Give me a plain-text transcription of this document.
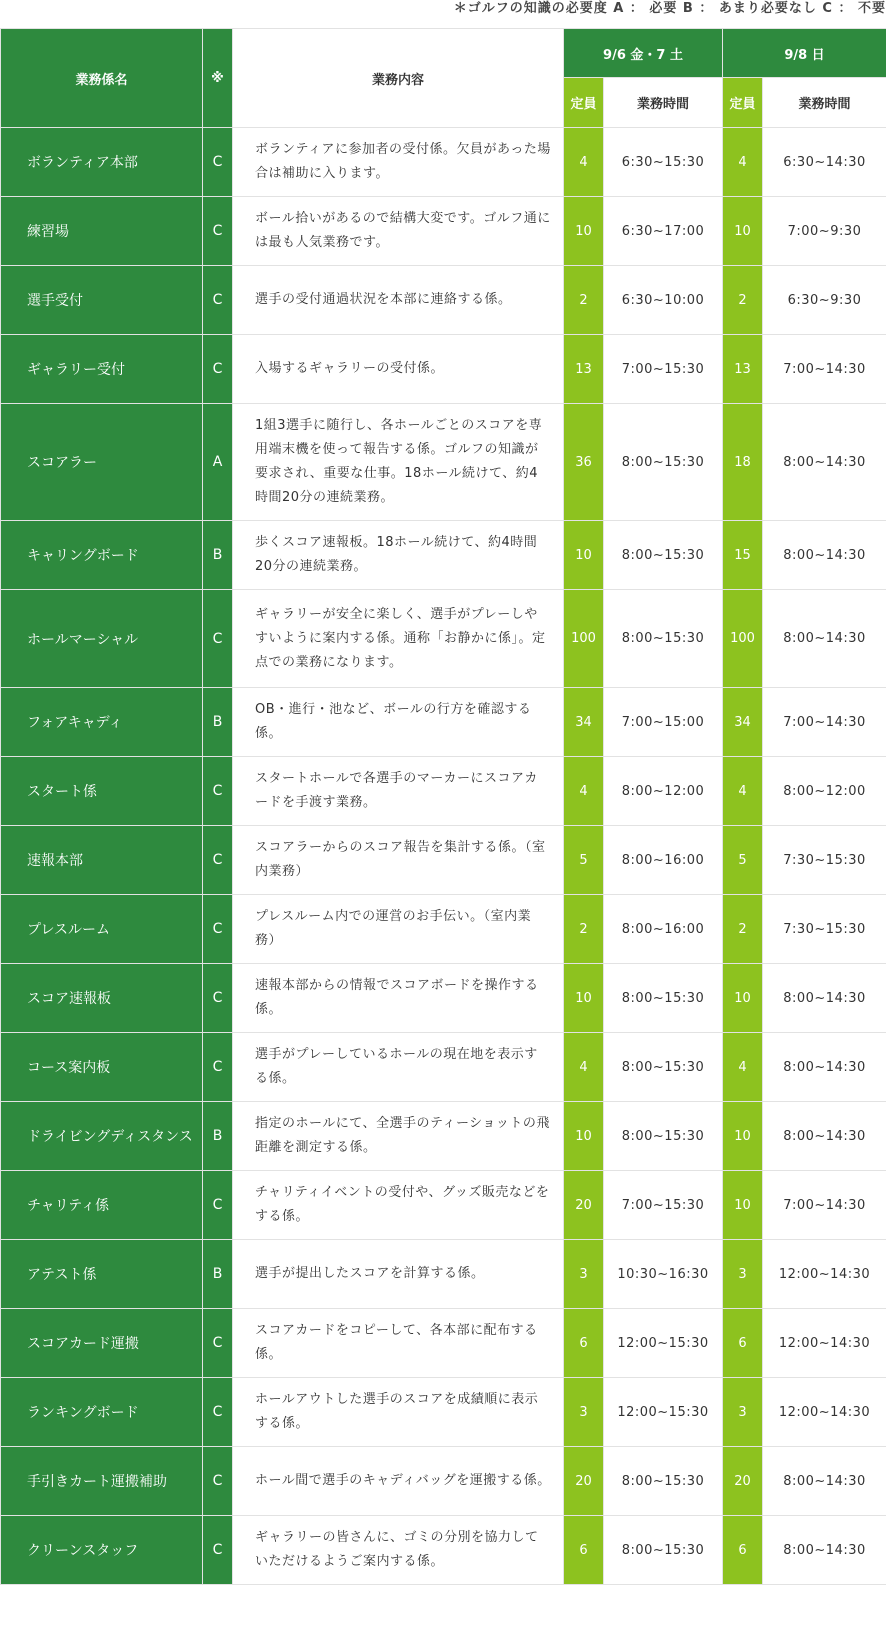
＊ゴルフの知識の必要度 A ： 必要 B ： あまり必要なし C ： 不要
業務係名	※	業務内容	9/6 金・7 土		9/8 日	
			定員	業務時間	定員	業務時間
ボランティア本部	C	ボランティアに参加者の受付係。欠員があった場合は補助に入ります。	4	6:30~15:30	4	6:30~14:30
練習場	C	ボール拾いがあるので結構大変です。ゴルフ通には最も人気業務です。	10	6:30~17:00	10	7:00~9:30
選手受付	C	選手の受付通過状況を本部に連絡する係。	2	6:30~10:00	2	6:30~9:30
ギャラリー受付	C	入場するギャラリーの受付係。	13	7:00~15:30	13	7:00~14:30
スコアラー	A	1組3選手に随行し、各ホールごとのスコアを専用端末機を使って報告する係。ゴルフの知識が要求され、重要な仕事。18ホール続けて、約4時間20分の連続業務。	36	8:00~15:30	18	8:00~14:30
キャリングボード	B	歩くスコア速報板。18ホール続けて、約4時間20分の連続業務。	10	8:00~15:30	15	8:00~14:30
ホールマーシャル	C	ギャラリーが安全に楽しく、選手がプレーしやすいように案内する係。通称「お静かに係」。定点での業務になります。	100	8:00~15:30	100	8:00~14:30
フォアキャディ	B	OB・進行・池など、ボールの行方を確認する係。	34	7:00~15:00	34	7:00~14:30
スタート係	C	スタートホールで各選手のマーカーにスコアカードを手渡す業務。	4	8:00~12:00	4	8:00~12:00
速報本部	C	スコアラーからのスコア報告を集計する係。（室内業務）	5	8:00~16:00	5	7:30~15:30
プレスルーム	C	プレスルーム内での運営のお手伝い。（室内業務）	2	8:00~16:00	2	7:30~15:30
スコア速報板	C	速報本部からの情報でスコアボードを操作する係。	10	8:00~15:30	10	8:00~14:30
コース案内板	C	選手がプレーしているホールの現在地を表示する係。	4	8:00~15:30	4	8:00~14:30
ドライビングディスタンス	B	指定のホールにて、全選手のティーショットの飛距離を測定する係。	10	8:00~15:30	10	8:00~14:30
チャリティ係	C	チャリティイベントの受付や、グッズ販売などをする係。	20	7:00~15:30	10	7:00~14:30
アテスト係	B	選手が提出したスコアを計算する係。	3	10:30~16:30	3	12:00~14:30
スコアカード運搬	C	スコアカードをコピーして、各本部に配布する係。	6	12:00~15:30	6	12:00~14:30
ランキングボード	C	ホールアウトした選手のスコアを成績順に表示する係。	3	12:00~15:30	3	12:00~14:30
手引きカート運搬補助	C	ホール間で選手のキャディバッグを運搬する係。	20	8:00~15:30	20	8:00~14:30
クリーンスタッフ	C	ギャラリーの皆さんに、ゴミの分別を協力していただけるようご案内する係。	6	8:00~15:30	6	8:00~14:30
